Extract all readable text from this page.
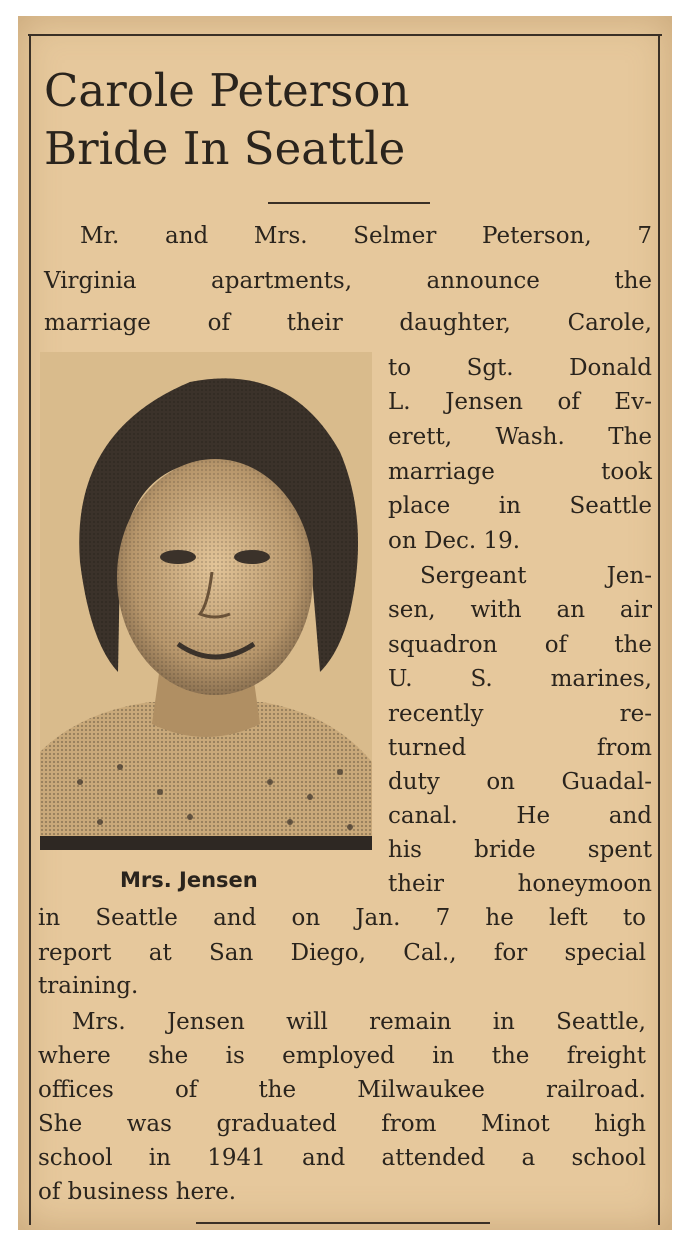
Carole Peterson
Bride In Seattle
Mr. and Mrs. Selmer Peterson, 7
Virginia apartments, announce the
marriage of their daughter, Carole,
Mrs. Jensen
to Sgt. Donald
L. Jensen of Ev-
erett, Wash. The
marriage took
place in Seattle
on Dec. 19.
Sergeant Jen-
sen, with an air
squadron of the
U. S. marines,
recently re-
turned from
duty on Guadal-
canal. He and
his bride spent
their honeymoon
in Seattle and on Jan. 7 he left to
report at San Diego, Cal., for special
training.
Mrs. Jensen will remain in Seattle,
where she is employed in the freight
offices of the Milwaukee railroad.
She was graduated from Minot high
school in 1941 and attended a school
of business here.
